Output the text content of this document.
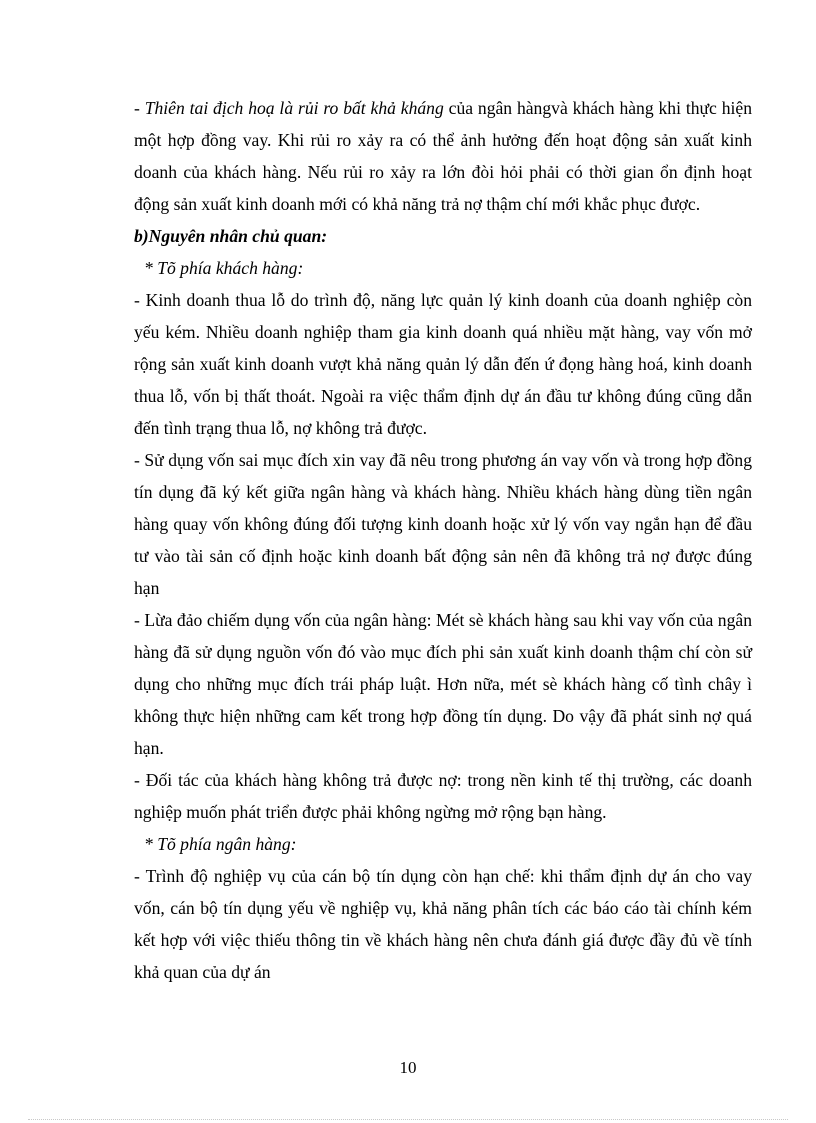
- Thiên tai địch hoạ là rủi ro bất khả kháng của ngân hàngvà khách hàng khi thực hiện một hợp đồng vay. Khi rủi ro xảy ra có thể ảnh hưởng đến hoạt động sản xuất kinh doanh của khách hàng. Nếu rủi ro xảy ra lớn đòi hỏi phải có thời gian ổn định hoạt động sản xuất kinh doanh mới có khả năng trả nợ thậm chí mới khắc phục được.

b)Nguyên nhân chủ quan:

* Tõ phía khách hàng:

- Kinh doanh thua lỗ do trình độ, năng lực quản lý kinh doanh của doanh nghiệp còn yếu kém. Nhiều doanh nghiệp tham gia kinh doanh quá nhiều mặt hàng, vay vốn mở rộng sản xuất kinh doanh vượt khả năng quản lý dẫn đến ứ đọng hàng hoá, kinh doanh thua lỗ, vốn bị thất thoát. Ngoài ra việc thẩm định dự án đầu tư không đúng cũng dẫn đến tình trạng thua lỗ, nợ không trả được.

- Sử dụng vốn sai mục đích xin vay đã nêu trong phương án vay vốn và trong hợp đồng tín dụng đã ký kết giữa ngân hàng và khách hàng. Nhiều khách hàng dùng tiền ngân hàng quay vốn không đúng đối tượng kinh doanh hoặc xử lý vốn vay ngắn hạn để đầu tư vào tài sản cố định hoặc kinh doanh bất động sản nên đã không trả nợ được đúng hạn

- Lừa đảo chiếm dụng vốn của ngân hàng: Mét sè khách hàng sau khi vay vốn của ngân hàng đã sử dụng nguồn vốn đó vào mục đích phi sản xuất kinh doanh thậm chí còn sử dụng cho những mục đích trái pháp luật. Hơn nữa, mét sè khách hàng cố tình chây ì không thực hiện những cam kết trong hợp đồng tín dụng. Do vậy đã phát sinh nợ quá hạn.

- Đối tác của khách hàng không trả được nợ: trong nền kinh tế thị trường, các doanh nghiệp muốn phát triển được phải không ngừng mở rộng bạn hàng.

* Tõ phía ngân hàng:

- Trình độ nghiệp vụ của cán bộ tín dụng còn hạn chế: khi thẩm định dự án cho vay vốn, cán bộ tín dụng yếu về nghiệp vụ, khả năng phân tích các báo cáo tài chính kém kết hợp với việc thiếu thông tin về khách hàng nên chưa đánh giá được đầy đủ về tính khả quan của dự án

10
